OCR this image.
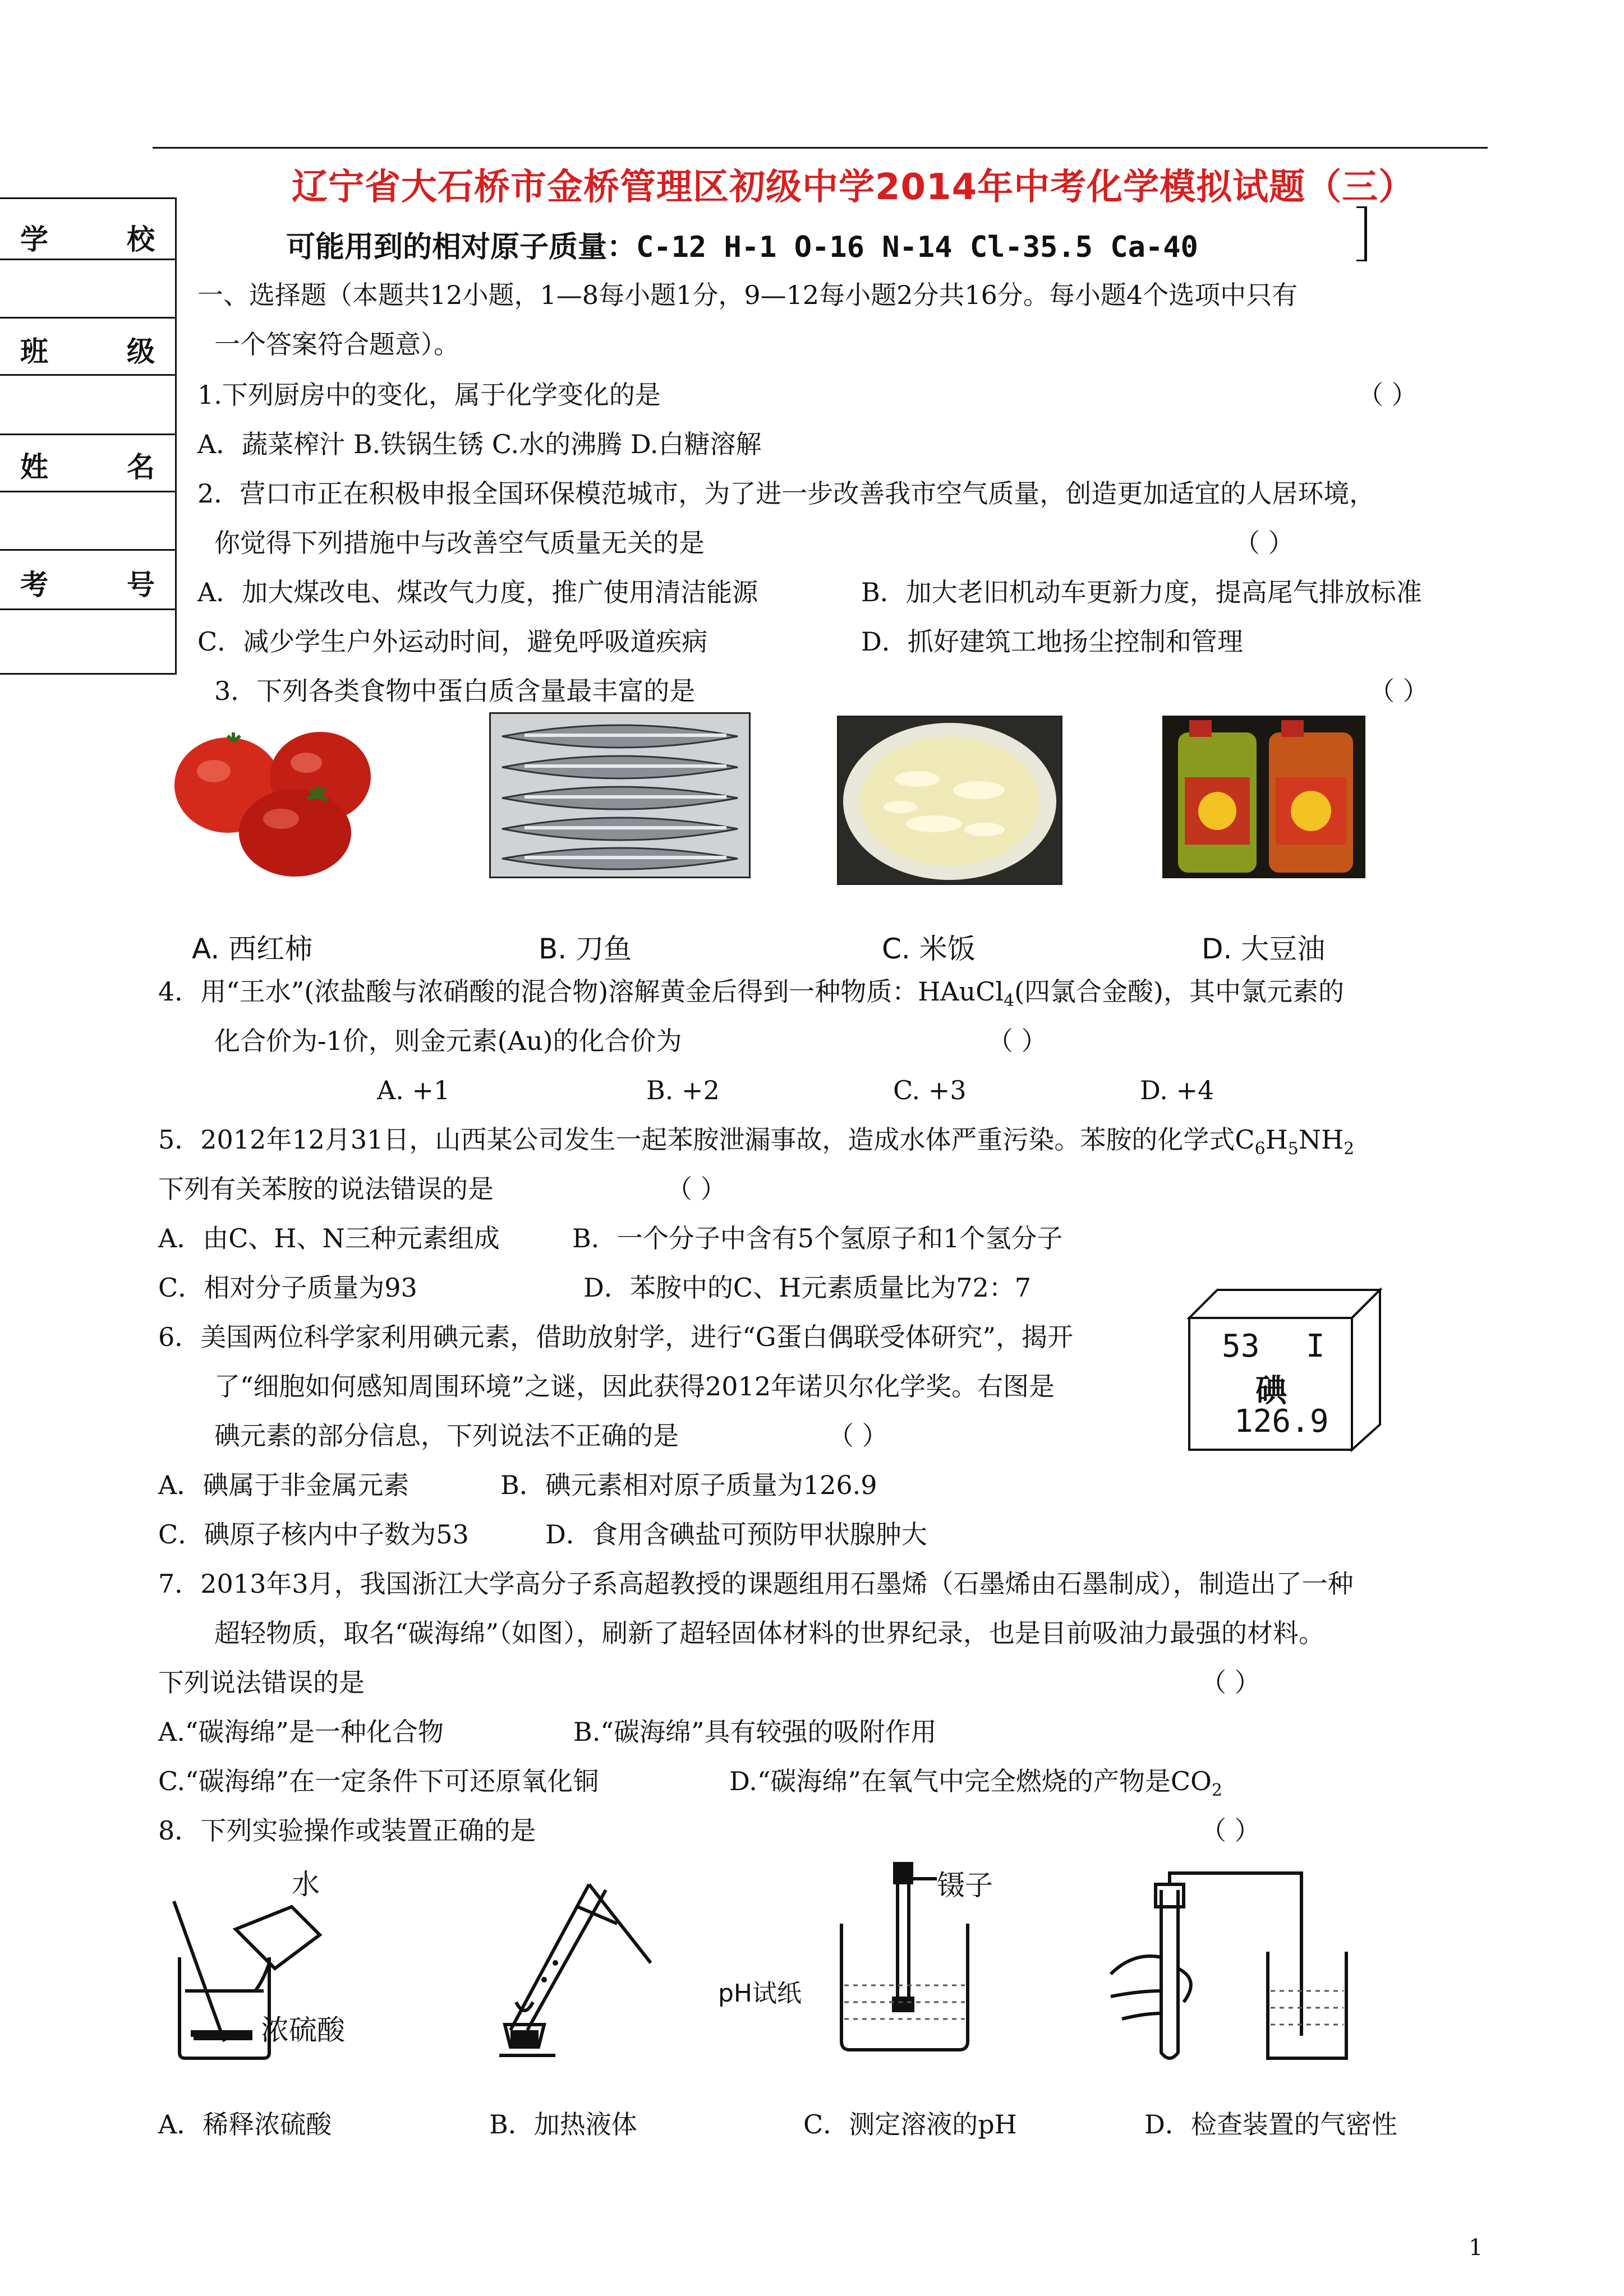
辽宁省大石桥市金桥管理区初级中学2014年中考化学模拟试题（三）
可能用到的相对原子质量：C-12 H-1 O-16 N-14 Cl-35.5 Ca-40
学	校
班	级
姓	名
考	号
一、选择题（本题共12小题，1—8每小题1分，9—12每小题2分共16分。每小题4个选项中只有
一个答案符合题意）。
1.下列厨房中的变化，属于化学变化的是	（ ）
A．蔬菜榨汁 B.铁锅生锈 C.水的沸腾 D.白糖溶解
2．营口市正在积极申报全国环保模范城市，为了进一步改善我市空气质量，创造更加适宜的人居环境，
你觉得下列措施中与改善空气质量无关的是	（ ）
A．加大煤改电、煤改气力度，推广使用清洁能源	B．加大老旧机动车更新力度，提高尾气排放标准
C．减少学生户外运动时间，避免呼吸道疾病	D．抓好建筑工地扬尘控制和管理
3．下列各类食物中蛋白质含量最丰富的是	（ ）
A. 西红柿	B. 刀鱼	C. 米饭	D. 大豆油
4．用“王水”(浓盐酸与浓硝酸的混合物)溶解黄金后得到一种物质：HAuCl$_4$(四氯合金酸)，其中氯元素的
化合价为-1价，则金元素(Au)的化合价为	（ ）
A. +1	B. +2	C. +3	D. +4
5．2012年12月31日，山西某公司发生一起苯胺泄漏事故，造成水体严重污染。苯胺的化学式$C_6H_5NH_2$
下列有关苯胺的说法错误的是	（ ）
A．由C、H、N三种元素组成	B．一个分子中含有5个氢原子和1个氢分子
C．相对分子质量为93	D．苯胺中的C、H元素质量比为72：7
6．美国两位科学家利用碘元素，借助放射学，进行“G蛋白偶联受体研究”，揭开
了“细胞如何感知周围环境”之谜，因此获得2012年诺贝尔化学奖。右图是
碘元素的部分信息，下列说法不正确的是	（ ）
A．碘属于非金属元素	B．碘元素相对原子质量为126.9
C．碘原子核内中子数为53	D．食用含碘盐可预防甲状腺肿大
53 I
碘
126.9
7．2013年3月，我国浙江大学高分子系高超教授的课题组用石墨烯（石墨烯由石墨制成），制造出了一种
超轻物质，取名“碳海绵”（如图），刷新了超轻固体材料的世界纪录，也是目前吸油力最强的材料。
下列说法错误的是	（ ）
A.“碳海绵”是一种化合物	B.“碳海绵”具有较强的吸附作用
C.“碳海绵”在一定条件下可还原氧化铜	D.“碳海绵”在氧气中完全燃烧的产物是$CO_2$
8．下列实验操作或装置正确的是	（ ）
水
浓硫酸
镊子
pH试纸
A．稀释浓硫酸	B．加热液体	C．测定溶液的pH	D．检查装置的气密性
1
